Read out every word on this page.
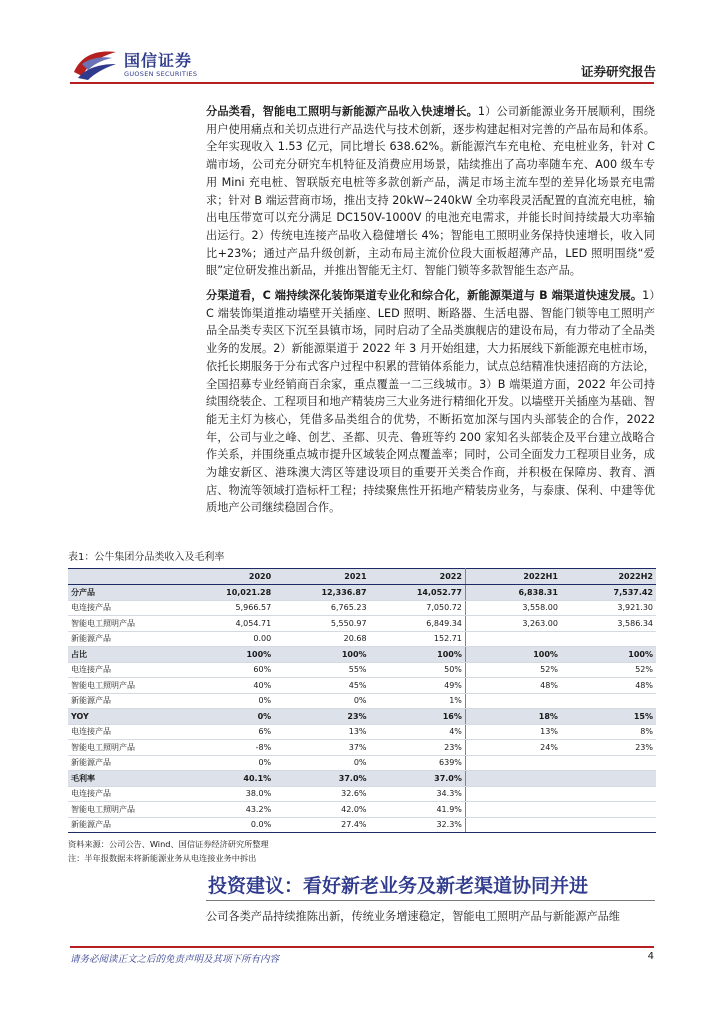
国信证券
GUOSEN SECURITIES	证券研究报告

分品类看，智能电工照明与新能源产品收入快速增长。1）公司新能源业务开展顺利，围绕用户使用痛点和关切点进行产品迭代与技术创新，逐步构建起相对完善的产品布局和体系。全年实现收入 1.53 亿元，同比增长 638.62%。新能源汽车充电枪、充电桩业务，针对 C 端市场，公司充分研究车机特征及消费应用场景，陆续推出了高功率随车充、A00 级车专用 Mini 充电桩、智联版充电桩等多款创新产品，满足市场主流车型的差异化场景充电需求；针对 B 端运营商市场，推出支持 20kW~240kW 全功率段灵活配置的直流充电桩，输出电压带宽可以充分满足 DC150V-1000V 的电池充电需求，并能长时间持续最大功率输出运行。2）传统电连接产品收入稳健增长 4%；智能电工照明业务保持快速增长，收入同比+23%；通过产品升级创新，主动布局主流价位段大面板超薄产品，LED 照明围绕“爱眼”定位研发推出新品，并推出智能无主灯、智能门锁等多款智能生态产品。

分渠道看，C 端持续深化装饰渠道专业化和综合化，新能源渠道与 B 端渠道快速发展。1）C 端装饰渠道推动墙壁开关插座、LED 照明、断路器、生活电器、智能门锁等电工照明产品全品类专卖区下沉至县镇市场，同时启动了全品类旗舰店的建设布局，有力带动了全品类业务的发展。2）新能源渠道于 2022 年 3 月开始组建，大力拓展线下新能源充电桩市场，依托长期服务于分布式客户过程中积累的营销体系能力，试点总结精准快速招商的方法论，全国招募专业经销商百余家，重点覆盖一二三线城市。3）B 端渠道方面，2022 年公司持续围绕装企、工程项目和地产精装房三大业务进行精细化开发。以墙壁开关插座为基础、智能无主灯为核心，凭借多品类组合的优势，不断拓宽加深与国内头部装企的合作，2022 年，公司与业之峰、创艺、圣都、贝壳、鲁班等约 200 家知名头部装企及平台建立战略合作关系，并围绕重点城市提升区域装企网点覆盖率；同时，公司全面发力工程项目业务，成为雄安新区、港珠澳大湾区等建设项目的重要开关类合作商，并积极在保障房、教育、酒店、物流等领域打造标杆工程；持续聚焦性开拓地产精装房业务，与泰康、保利、中建等优质地产公司继续稳固合作。

表1：公牛集团分品类收入及毛利率
	2020	2021	2022	2022H1	2022H2
分产品	10,021.28	12,336.87	14,052.77	6,838.31	7,537.42
电连接产品	5,966.57	6,765.23	7,050.72	3,558.00	3,921.30
智能电工照明产品	4,054.71	5,550.97	6,849.34	3,263.00	3,586.34
新能源产品	0.00	20.68	152.71		
占比	100%	100%	100%	100%	100%
电连接产品	60%	55%	50%	52%	52%
智能电工照明产品	40%	45%	49%	48%	48%
新能源产品	0%	0%	1%		
YOY	0%	23%	16%	18%	15%
电连接产品	6%	13%	4%	13%	8%
智能电工照明产品	-8%	37%	23%	24%	23%
新能源产品	0%	0%	639%		
毛利率	40.1%	37.0%	37.0%		
电连接产品	38.0%	32.6%	34.3%		
智能电工照明产品	43.2%	42.0%	41.9%		
新能源产品	0.0%	27.4%	32.3%		
资料来源：公司公告、Wind、国信证券经济研究所整理
注：半年报数据未将新能源业务从电连接业务中拆出
投资建议：看好新老业务及新老渠道协同并进
公司各类产品持续推陈出新，传统业务增速稳定，智能电工照明产品与新能源产品维
请务必阅读正文之后的免责声明及其项下所有内容	4
